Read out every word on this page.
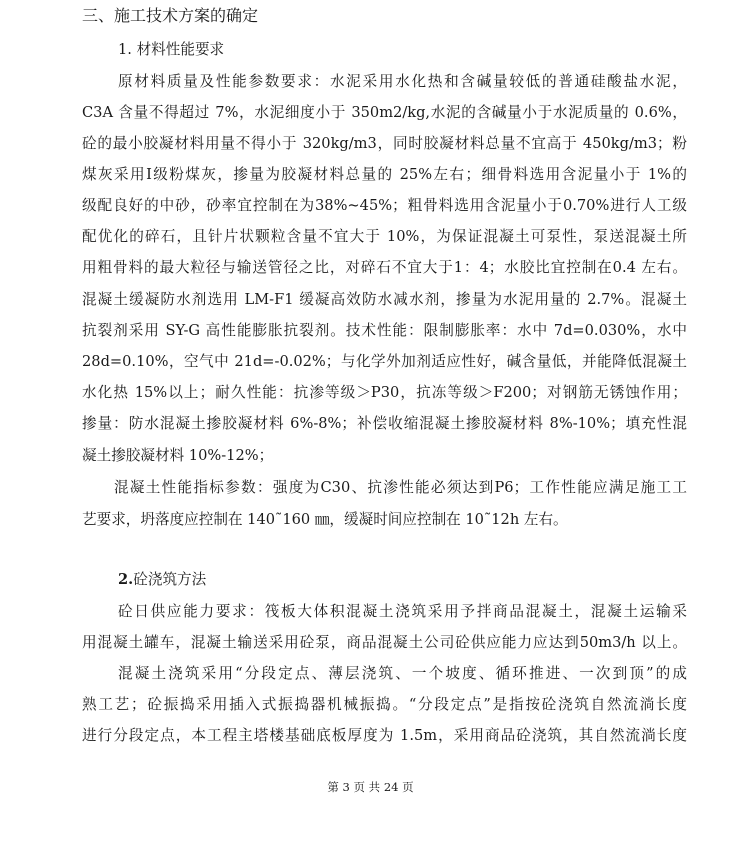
三、施工技术方案的确定
1. 材料性能要求
原材料质量及性能参数要求：水泥采用水化热和含碱量较低的普通硅酸盐水泥，
C3A 含量不得超过 7%，水泥细度小于 350m2/kg,水泥的含碱量小于水泥质量的 0.6%，
砼的最小胶凝材料用量不得小于 320kg/m3，同时胶凝材料总量不宜高于 450kg/m3；粉
煤灰采用Ⅰ级粉煤灰，掺量为胶凝材料总量的 25%左右；细骨料选用含泥量小于 1%的
级配良好的中砂，砂率宜控制在为38%~45%；粗骨料选用含泥量小于0.70%进行人工级
配优化的碎石，且针片状颗粒含量不宜大于 10%，为保证混凝土可泵性，泵送混凝土所
用粗骨料的最大粒径与输送管径之比，对碎石不宜大于1：4；水胶比宜控制在0.4 左右。
混凝土缓凝防水剂选用 LM-F1 缓凝高效防水减水剂，掺量为水泥用量的 2.7%。混凝土
抗裂剂采用 SY-G 高性能膨胀抗裂剂。技术性能：限制膨胀率：水中 7d=0.030%，水中
28d=0.10%，空气中 21d=-0.02%；与化学外加剂适应性好，碱含量低，并能降低混凝土
水化热 15%以上；耐久性能：抗渗等级＞P30，抗冻等级＞F200；对钢筋无锈蚀作用；
掺量：防水混凝土掺胶凝材料 6%-8%；补偿收缩混凝土掺胶凝材料 8%-10%；填充性混
凝土掺胶凝材料 10%-12%；
混凝土性能指标参数：强度为C30、抗渗性能必须达到P6；工作性能应满足施工工
艺要求，坍落度应控制在 140˜160 ㎜，缓凝时间应控制在 10˜12h 左右。
2.砼浇筑方法
砼日供应能力要求：筏板大体积混凝土浇筑采用予拌商品混凝土，混凝土运输采
用混凝土罐车，混凝土输送采用砼泵，商品混凝土公司砼供应能力应达到50m3/h 以上。
混凝土浇筑采用“分段定点、薄层浇筑、一个坡度、循环推进、一次到顶”的成
熟工艺；砼振捣采用插入式振捣器机械振捣。“分段定点”是指按砼浇筑自然流淌长度
进行分段定点，本工程主塔楼基础底板厚度为 1.5m，采用商品砼浇筑，其自然流淌长度
第 3 页 共 24 页
